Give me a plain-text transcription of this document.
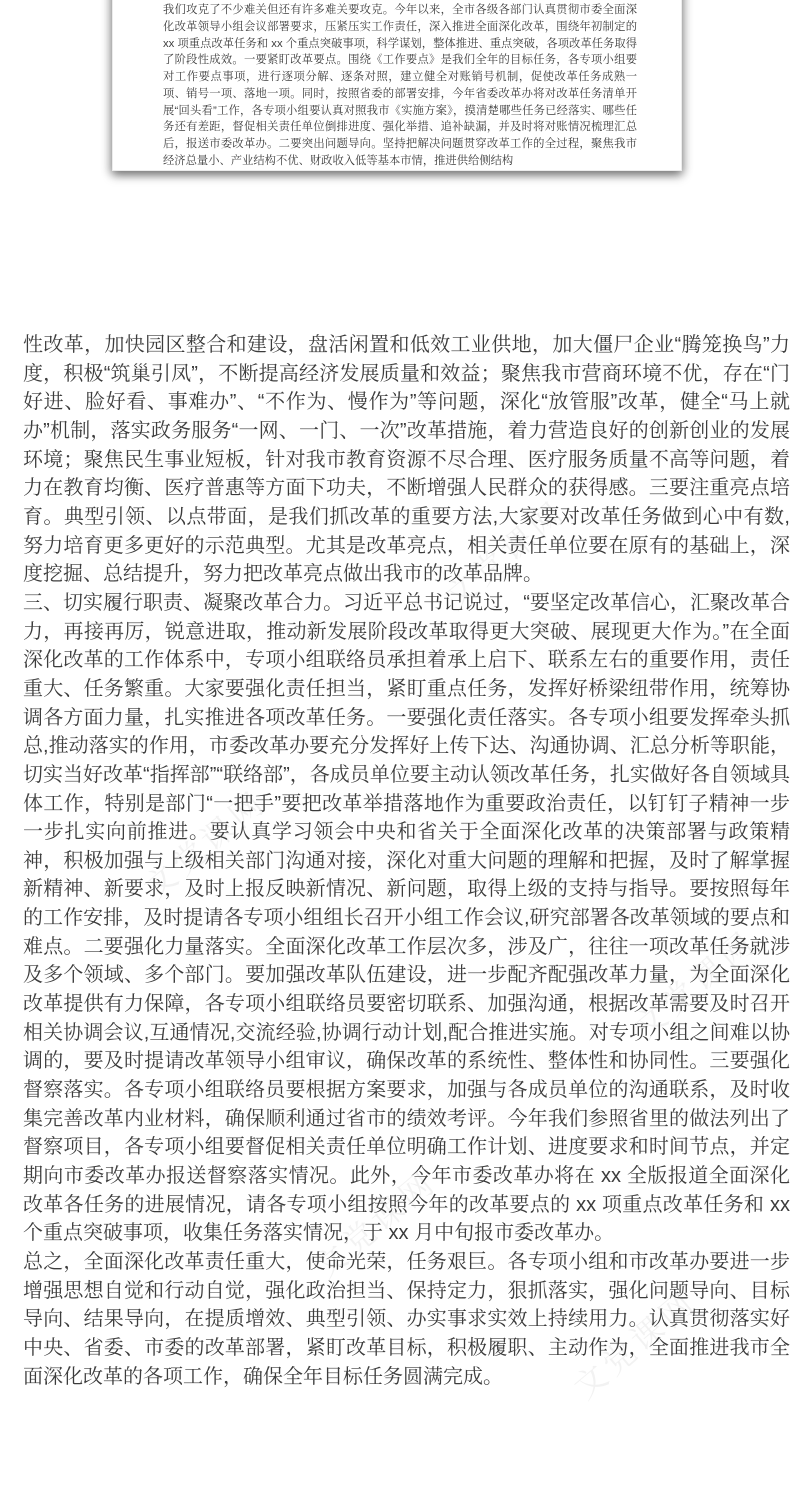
文党课网
文党课网
文党课网
文党课网
文党课网
我们攻克了不少难关但还有许多难关要攻克。今年以来，全市各级各部门认真贯彻市委全面深化改革领导小组会议部署要求，压紧压实工作责任，深入推进全面深化改革，围绕年初制定的 xx 项重点改革任务和 xx 个重点突破事项，科学谋划，整体推进、重点突破，各项改革任务取得了阶段性成效。一要紧盯改革要点。围绕《工作要点》是我们全年的目标任务，各专项小组要对工作要点事项，进行逐项分解、逐条对照，建立健全对账销号机制，促使改革任务成熟一项、销号一项、落地一项。同时，按照省委的部署安排，今年省委改革办将对改革任务清单开展“回头看”工作，各专项小组要认真对照我市《实施方案》，摸清楚哪些任务已经落实、哪些任务还有差距，督促相关责任单位倒排进度、强化举措、追补缺漏，并及时将对账情况梳理汇总后，报送市委改革办。二要突出问题导向。坚持把解决问题贯穿改革工作的全过程，聚焦我市经济总量小、产业结构不优、财政收入低等基本市情，推进供给侧结构

性改革，加快园区整合和建设，盘活闲置和低效工业供地，加大僵尸企业“腾笼换鸟”力度，积极“筑巢引凤”，不断提高经济发展质量和效益；聚焦我市营商环境不优，存在“门好进、脸好看、事难办”、“不作为、慢作为”等问题，深化“放管服”改革，健全“马上就办”机制，落实政务服务“一网、一门、一次”改革措施，着力营造良好的创新创业的发展环境；聚焦民生事业短板，针对我市教育资源不尽合理、医疗服务质量不高等问题，着力在教育均衡、医疗普惠等方面下功夫，不断增强人民群众的获得感。三要注重亮点培育。典型引领、以点带面，是我们抓改革的重要方法,大家要对改革任务做到心中有数,努力培育更多更好的示范典型。尤其是改革亮点，相关责任单位要在原有的基础上，深度挖掘、总结提升，努力把改革亮点做出我市的改革品牌。

三、切实履行职责、凝聚改革合力。习近平总书记说过，“要坚定改革信心，汇聚改革合力，再接再厉，锐意进取，推动新发展阶段改革取得更大突破、展现更大作为。”在全面深化改革的工作体系中，专项小组联络员承担着承上启下、联系左右的重要作用，责任重大、任务繁重。大家要强化责任担当，紧盯重点任务，发挥好桥梁纽带作用，统筹协调各方面力量，扎实推进各项改革任务。一要强化责任落实。各专项小组要发挥牵头抓总,推动落实的作用，市委改革办要充分发挥好上传下达、沟通协调、汇总分析等职能，切实当好改革“指挥部”“联络部”，各成员单位要主动认领改革任务，扎实做好各自领域具体工作，特别是部门“一把手”要把改革举措落地作为重要政治责任，以钉钉子精神一步一步扎实向前推进。要认真学习领会中央和省关于全面深化改革的决策部署与政策精神，积极加强与上级相关部门沟通对接，深化对重大问题的理解和把握，及时了解掌握新精神、新要求，及时上报反映新情况、新问题，取得上级的支持与指导。要按照每年的工作安排，及时提请各专项小组组长召开小组工作会议,研究部署各改革领域的要点和难点。二要强化力量落实。全面深化改革工作层次多，涉及广，往往一项改革任务就涉及多个领域、多个部门。要加强改革队伍建设，进一步配齐配强改革力量，为全面深化改革提供有力保障，各专项小组联络员要密切联系、加强沟通，根据改革需要及时召开相关协调会议,互通情况,交流经验,协调行动计划,配合推进实施。对专项小组之间难以协调的，要及时提请改革领导小组审议，确保改革的系统性、整体性和协同性。三要强化督察落实。各专项小组联络员要根据方案要求，加强与各成员单位的沟通联系，及时收集完善改革内业材料，确保顺利通过省市的绩效考评。今年我们参照省里的做法列出了督察项目，各专项小组要督促相关责任单位明确工作计划、进度要求和时间节点，并定期向市委改革办报送督察落实情况。此外，今年市委改革办将在 xx 全版报道全面深化改革各任务的进展情况，请各专项小组按照今年的改革要点的 xx 项重点改革任务和 xx 个重点突破事项，收集任务落实情况，于 xx 月中旬报市委改革办。

总之，全面深化改革责任重大，使命光荣，任务艰巨。各专项小组和市改革办要进一步增强思想自觉和行动自觉，强化政治担当、保持定力，狠抓落实，强化问题导向、目标导向、结果导向，在提质增效、典型引领、办实事求实效上持续用力。认真贯彻落实好中央、省委、市委的改革部署，紧盯改革目标，积极履职、主动作为，全面推进我市全面深化改革的各项工作，确保全年目标任务圆满完成。
